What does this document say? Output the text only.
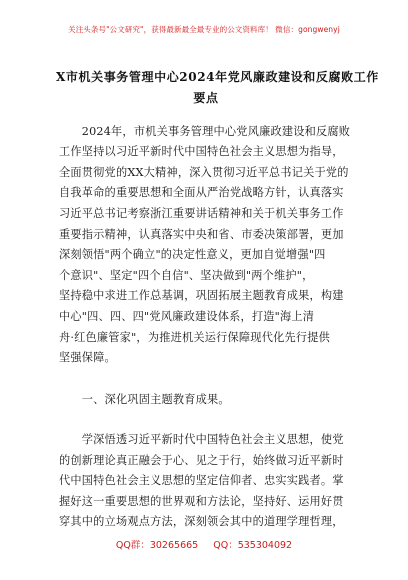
关注头条号"公文研究"，获得最新最全最专业的公文资料库！ 微信：gongwenyj
X市机关事务管理中心2024年党风廉政建设和反腐败工作
要点
　　2024年，市机关事务管理中心党风廉政建设和反腐败
工作坚持以习近平新时代中国特色社会主义思想为指导，
全面贯彻党的XX大精神，深入贯彻习近平总书记关于党的
自我革命的重要思想和全面从严治党战略方针，认真落实
习近平总书记考察浙江重要讲话精神和关于机关事务工作
重要指示精神，认真落实中央和省、市委决策部署，更加
深刻领悟"两个确立"的决定性意义，更加自觉增强"四
个意识"、坚定"四个自信"、坚决做到"两个维护"，
坚持稳中求进工作总基调，巩固拓展主题教育成果，构建
中心"四、四、四"党风廉政建设体系，打造"海上清
舟·红色廉管家"，为推进机关运行保障现代化先行提供
坚强保障。
　　一、深化巩固主题教育成果。
　　学深悟透习近平新时代中国特色社会主义思想，使党
的创新理论真正融会于心、见之于行，始终做习近平新时
代中国特色社会主义思想的坚定信仰者、忠实实践者。掌
握好这一重要思想的世界观和方法论，坚持好、运用好贯
穿其中的立场观点方法，深刻领会其中的道理学理哲理，
QQ群：30265665 QQ：535304092
